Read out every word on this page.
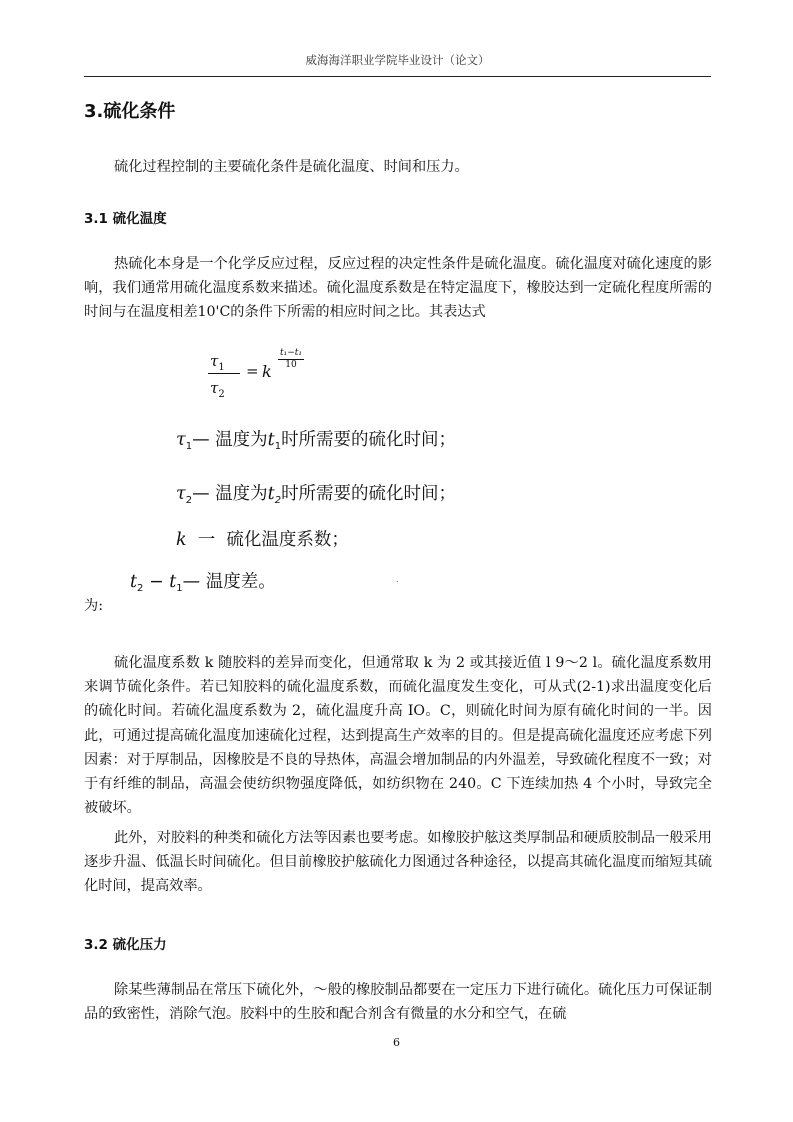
威海海洋职业学院毕业设计（论文）
3.硫化条件

硫化过程控制的主要硫化条件是硫化温度、时间和压力。

3.1 硫化温度

热硫化本身是一个化学反应过程，反应过程的决定性条件是硫化温度。硫化温度对硫化速度的影响，我们通常用硫化温度系数来描述。硫化温度系数是在特定温度下，橡胶达到一定硫化程度所需的时间与在温度相差10'C的条件下所需的相应时间之比。其表达式

$\tau_1$
$\tau_2$
= k
t₁−t₁
10
$\tau_1—$ 温度为$t_1$时所需要的硫化时间；
$\tau_2—$ 温度为$t_2$时所需要的硫化时间；
k 一 硫化温度系数；
$t_2$ − $t_1—$ 温度差。	.

为:

硫化温度系数 k 随胶料的差异而变化，但通常取 k 为 2 或其接近值 l 9～2 l。硫化温度系数用来调节硫化条件。若已知胶料的硫化温度系数，而硫化温度发生变化，可从式(2-1)求出温度变化后的硫化时间。若硫化温度系数为 2，硫化温度升高 IO。C，则硫化时间为原有硫化时间的一半。因此，可通过提高硫化温度加速硫化过程，达到提高生产效率的目的。但是提高硫化温度还应考虑下列因素：对于厚制品，因橡胶是不良的导热体，高温会增加制品的内外温差，导致硫化程度不一致；对于有纤维的制品，高温会使纺织物强度降低，如纺织物在 240。C 下连续加热 4 个小时，导致完全被破坏。

此外，对胶料的种类和硫化方法等因素也要考虑。如橡胶护舷这类厚制品和硬质胶制品一般采用逐步升温、低温长时间硫化。但目前橡胶护舷硫化力图通过各种途径，以提高其硫化温度而缩短其硫化时间，提高效率。

3.2 硫化压力

除某些薄制品在常压下硫化外，～般的橡胶制品都要在一定压力下进行硫化。硫化压力可保证制品的致密性，消除气泡。胶料中的生胶和配合剂含有微量的水分和空气，在硫

6
